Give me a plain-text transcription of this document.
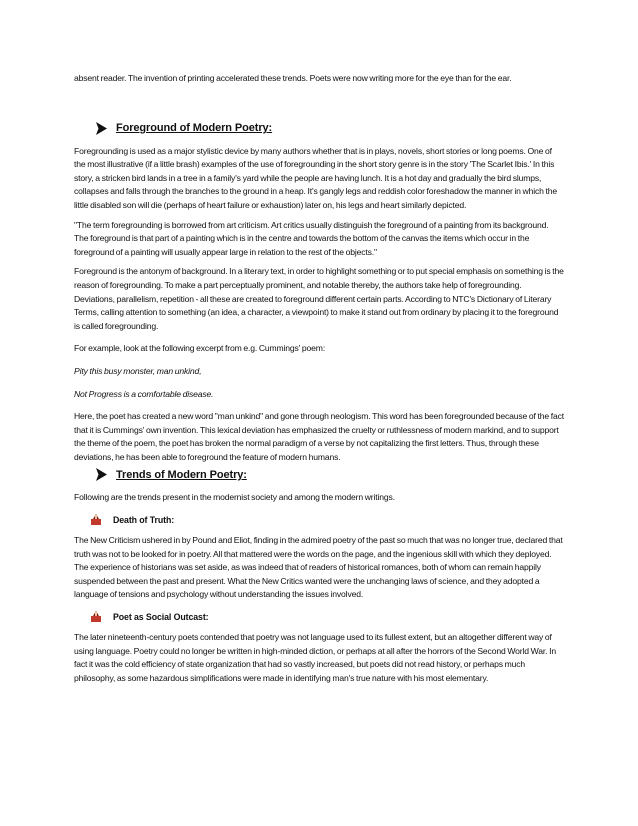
absent reader. The invention of printing accelerated these trends. Poets were now writing more for the eye than for the ear.

Foreground of Modern Poetry:

Foregrounding is used as a major stylistic device by many authors whether that is in plays, novels, short stories or long poems. One of the most illustrative (if a little brash) examples of the use of foregrounding in the short story genre is in the story 'The Scarlet Ibis.' In this story, a stricken bird lands in a tree in a family's yard while the people are having lunch. It is a hot day and gradually the bird slumps, collapses and falls through the branches to the ground in a heap. It's gangly legs and reddish color foreshadow the manner in which the little disabled son will die (perhaps of heart failure or exhaustion) later on, his legs and heart similarly depicted.

"The term foregrounding is borrowed from art criticism. Art critics usually distinguish the foreground of a painting from its background. The foreground is that part of a painting which is in the centre and towards the bottom of the canvas the items which occur in the foreground of a painting will usually appear large in relation to the rest of the objects."

Foreground is the antonym of background. In a literary text, in order to highlight something or to put special emphasis on something is the reason of foregrounding. To make a part perceptually prominent, and notable thereby, the authors take help of foregrounding. Deviations, parallelism, repetition - all these are created to foreground different certain parts. According to NTC's Dictionary of Literary Terms, calling attention to something (an idea, a character, a viewpoint) to make it stand out from ordinary by placing it to the foreground is called foregrounding.

For example, look at the following excerpt from e.g. Cummings' poem:

Pity this busy monster, man unkind,

Not Progress is a comfortable disease.

Here, the poet has created a new word "man unkind" and gone through neologism. This word has been foregrounded because of the fact that it is Cummings' own invention. This lexical deviation has emphasized the cruelty or ruthlessness of modern markind, and to support the theme of the poem, the poet has broken the normal paradigm of a verse by not capitalizing the first letters. Thus, through these deviations, he has been able to foreground the feature of modern humans.

Trends of Modern Poetry:

Following are the trends present in the modernist society and among the modern writings.

Death of Truth:

The New Criticism ushered in by Pound and Eliot, finding in the admired poetry of the past so much that was no longer true, declared that truth was not to be looked for in poetry. All that mattered were the words on the page, and the ingenious skill with which they deployed. The experience of historians was set aside, as was indeed that of readers of historical romances, both of whom can remain happily suspended between the past and present. What the New Critics wanted were the unchanging laws of science, and they adopted a language of tensions and psychology without understanding the issues involved.

Poet as Social Outcast:

The later nineteenth-century poets contended that poetry was not language used to its fullest extent, but an altogether different way of using language. Poetry could no longer be written in high-minded diction, or perhaps at all after the horrors of the Second World War. In fact it was the cold efficiency of state organization that had so vastly increased, but poets did not read history, or perhaps much philosophy, as some hazardous simplifications were made in identifying man's true nature with his most elementary.
